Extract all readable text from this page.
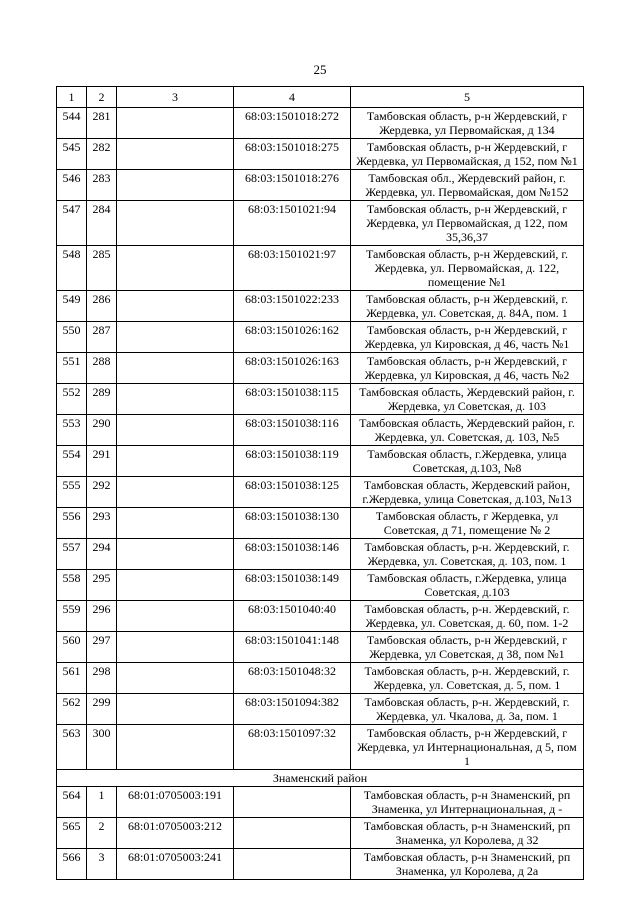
25
1	2	3	4	5
544	281		68:03:1501018:272	Тамбовская область, р-н Жердевский, г Жердевка, ул Первомайская, д 134
545	282		68:03:1501018:275	Тамбовская область, р-н Жердевский, г Жердевка, ул Первомайская, д 152, пом №1
546	283		68:03:1501018:276	Тамбовская обл., Жердевский район, г. Жердевка, ул. Первомайская, дом №152
547	284		68:03:1501021:94	Тамбовская область, р-н Жердевский, г Жердевка, ул Первомайская, д 122, пом 35,36,37
548	285		68:03:1501021:97	Тамбовская область, р-н Жердевский, г. Жердевка, ул. Первомайская, д. 122, помещение №1
549	286		68:03:1501022:233	Тамбовская область, р-н Жердевский, г. Жердевка, ул. Советская, д. 84А, пом. 1
550	287		68:03:1501026:162	Тамбовская область, р-н Жердевский, г Жердевка, ул Кировская, д 46, часть №1
551	288		68:03:1501026:163	Тамбовская область, р-н Жердевский, г Жердевка, ул Кировская, д 46, часть №2
552	289		68:03:1501038:115	Тамбовская область, Жердевский район, г. Жердевка, ул Советская, д. 103
553	290		68:03:1501038:116	Тамбовская область, Жердевский район, г. Жердевка, ул. Советская, д. 103, №5
554	291		68:03:1501038:119	Тамбовская область, г.Жердевка, улица Советская, д.103, №8
555	292		68:03:1501038:125	Тамбовская область, Жердевский район, г.Жердевка, улица Советская, д.103, №13
556	293		68:03:1501038:130	Тамбовская область, г Жердевка, ул Советская, д 71, помещение № 2
557	294		68:03:1501038:146	Тамбовская область, р-н. Жердевский, г. Жердевка, ул. Советская, д. 103, пом. 1
558	295		68:03:1501038:149	Тамбовская область, г.Жердевка, улица Советская, д.103
559	296		68:03:1501040:40	Тамбовская область, р-н. Жердевский, г. Жердевка, ул. Советская, д. 60, пом. 1-2
560	297		68:03:1501041:148	Тамбовская область, р-н Жердевский, г Жердевка, ул Советская, д 38, пом №1
561	298		68:03:1501048:32	Тамбовская область, р-н. Жердевский, г. Жердевка, ул. Советская, д. 5, пом. 1
562	299		68:03:1501094:382	Тамбовская область, р-н. Жердевский, г. Жердевка, ул. Чкалова, д. 3а, пом. 1
563	300		68:03:1501097:32	Тамбовская область, р-н Жердевский, г Жердевка, ул Интернациональная, д 5, пом 1
Знаменский район				
564	1	68:01:0705003:191		Тамбовская область, р-н Знаменский, рп Знаменка, ул Интернациональная, д -
565	2	68:01:0705003:212		Тамбовская область, р-н Знаменский, рп Знаменка, ул Королева, д 32
566	3	68:01:0705003:241		Тамбовская область, р-н Знаменский, рп Знаменка, ул Королева, д 2а
